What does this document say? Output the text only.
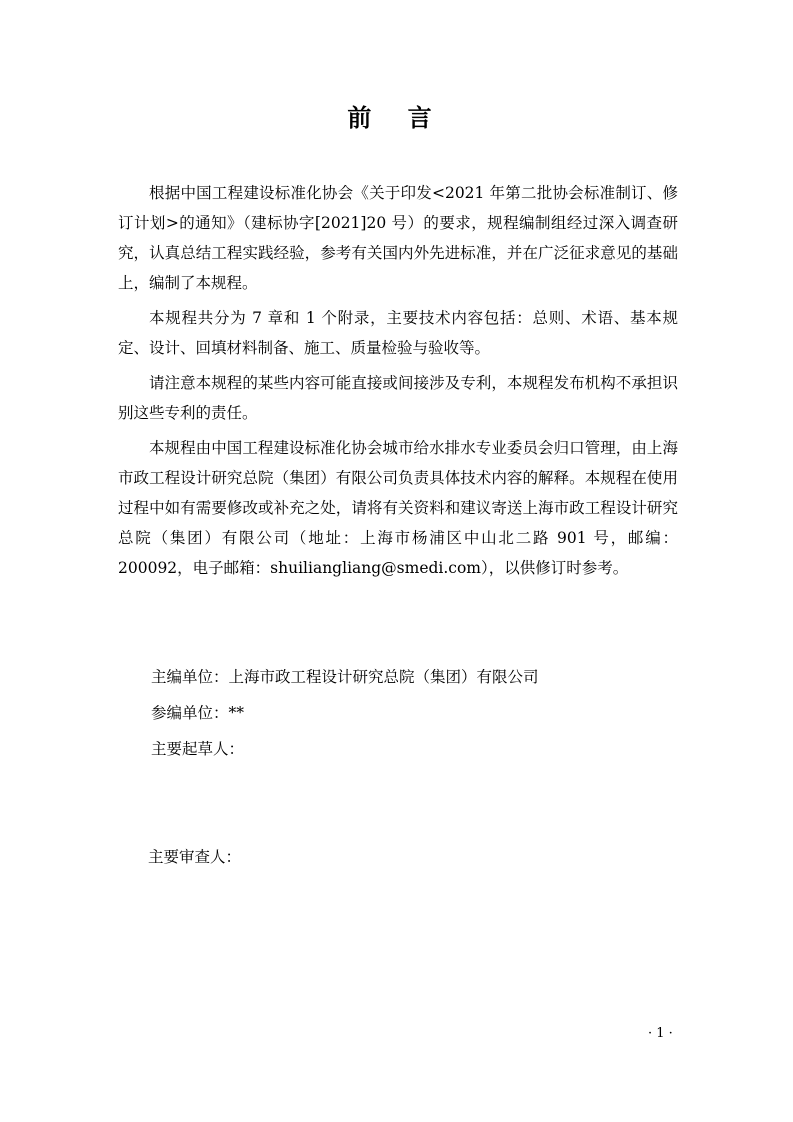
前 言

根据中国工程建设标准化协会《关于印发<2021 年第二批协会标准制订、修订计划>的通知》（建标协字[2021]20 号）的要求，规程编制组经过深入调查研究，认真总结工程实践经验，参考有关国内外先进标准，并在广泛征求意见的基础上，编制了本规程。

本规程共分为 7 章和 1 个附录，主要技术内容包括：总则、术语、基本规定、设计、回填材料制备、施工、质量检验与验收等。

请注意本规程的某些内容可能直接或间接涉及专利，本规程发布机构不承担识别这些专利的责任。

本规程由中国工程建设标准化协会城市给水排水专业委员会归口管理，由上海市政工程设计研究总院（集团）有限公司负责具体技术内容的解释。本规程在使用过程中如有需要修改或补充之处，请将有关资料和建议寄送上海市政工程设计研究总院（集团）有限公司（地址：上海市杨浦区中山北二路 901 号，邮编：200092，电子邮箱：shuiliangliang@smedi.com），以供修订时参考。

主编单位：上海市政工程设计研究总院（集团）有限公司
参编单位：**
主要起草人：
主要审查人：
· 1 ·
